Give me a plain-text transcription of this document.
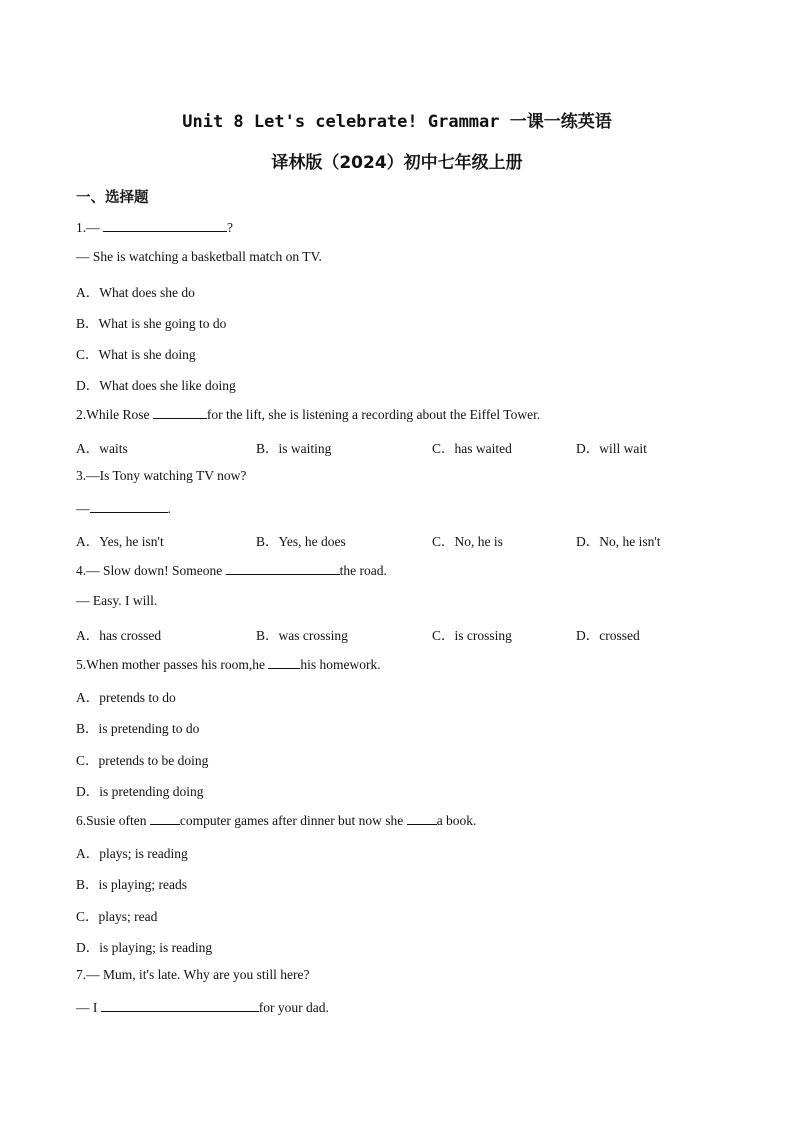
Unit 8 Let's celebrate! Grammar 一课一练英语
译林版（2024）初中七年级上册
一、选择题
1.—	?
— She is watching a basketball match on TV.
A．What does she do
B．What is she going to do
C．What is she doing
D．What does she like doing
2.While Rose	for the lift, she is listening a recording about the Eiffel Tower.
A．waits	B．is waiting	C．has waited	D．will wait
3.—Is Tony watching TV now?
—	.
A．Yes, he isn't	B．Yes, he does	C．No, he is	D．No, he isn't
4.— Slow down! Someone	the road.
— Easy. I will.
A．has crossed	B．was crossing	C．is crossing	D．crossed
5.When mother passes his room,he his homework.
A．pretends to do
B．is pretending to do
C．pretends to be doing
D．is pretending doing
6.Susie often computer games after dinner but now she a book.
A．plays; is reading
B．is playing; reads
C．plays; read
D．is playing; is reading
7.— Mum, it's late. Why are you still here?
— I	for your dad.
